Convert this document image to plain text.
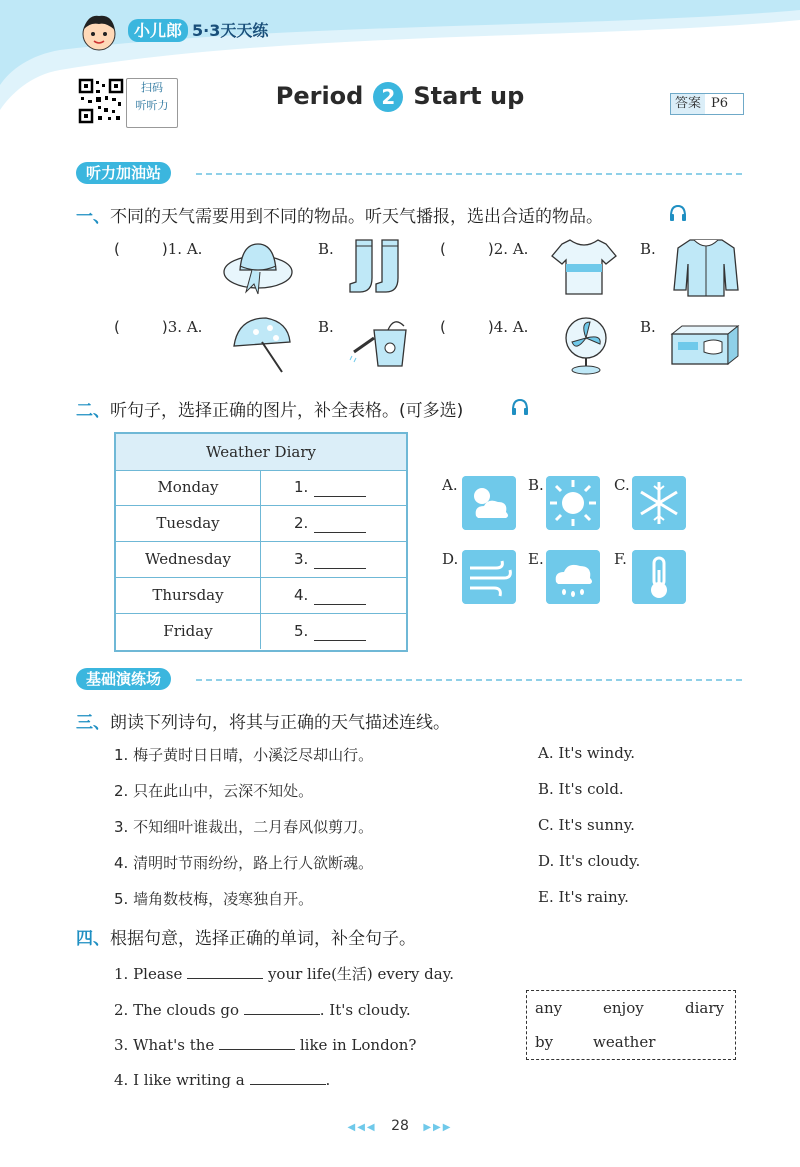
小儿郎 5·3天天练
扫码
听听力	Period 2 Start up	答案 P6
听力加油站
一、不同的天气需要用到不同的物品。听天气播报，选出合适的物品。
(	)1. A.	B.	(	)2. A.	B.
(	)3. A.	B.	(	)4. A.	B.
二、听句子，选择正确的图片，补全表格。(可多选)
Weather Diary
Monday	1.
Tuesday	2.
Wednesday	3.
Thursday	4.
Friday	5.
A.	B.	C.
D.	E.	F.
基础演练场
三、朗读下列诗句，将其与正确的天气描述连线。
1. 梅子黄时日日晴，小溪泛尽却山行。
2. 只在此山中，云深不知处。
3. 不知细叶谁裁出，二月春风似剪刀。
4. 清明时节雨纷纷，路上行人欲断魂。
5. 墙角数枝梅，凌寒独自开。
A. It's windy.
B. It's cold.
C. It's sunny.
D. It's cloudy.
E. It's rainy.
四、根据句意，选择正确的单词，补全句子。
1. Please	your life(生活) every day.
2. The clouds go	. It's cloudy.
3. What's the	like in London?
4. I like writing a	.
any	enjoy	diary
by	weather
◀◀◀ 28 ▶▶▶
